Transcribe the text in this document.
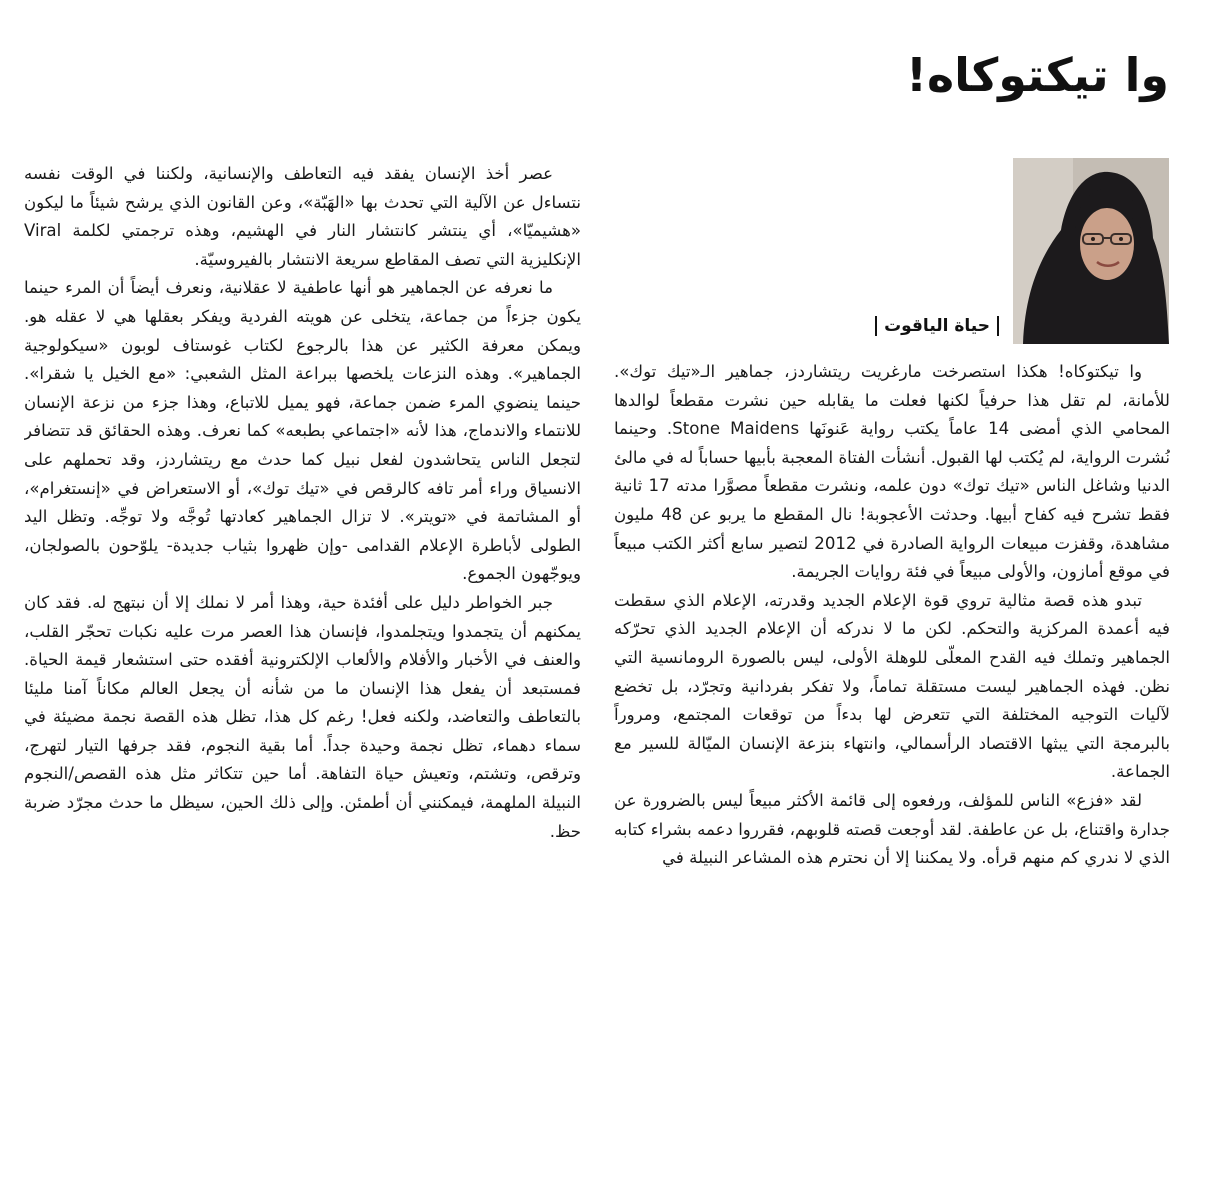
وا تيكتوكاه!
حياة الياقوت

وا تيكتوكاه! هكذا استصرخت مارغريت ريتشاردز، جماهير الـ«تيك توك». للأمانة، لم تقل هذا حرفياً لكنها فعلت ما يقابله حين نشرت مقطعاً لوالدها المحامي الذي أمضى 14 عاماً يكتب رواية عَنونَها Stone Maidens. وحينما نُشرت الرواية، لم يُكتب لها القبول. أنشأت الفتاة المعجبة بأبيها حساباً له في مالئ الدنيا وشاغل الناس «تيك توك» دون علمه، ونشرت مقطعاً مصوَّرا مدته 17 ثانية فقط تشرح فيه كفاح أبيها. وحدثت الأعجوبة! نال المقطع ما يربو عن 48 مليون مشاهدة، وقفزت مبيعات الرواية الصادرة في 2012 لتصير سابع أكثر الكتب مبيعاً في موقع أمازون، والأولى مبيعاً في فئة روايات الجريمة.

تبدو هذه قصة مثالية تروي قوة الإعلام الجديد وقدرته، الإعلام الذي سقطت فيه أعمدة المركزية والتحكم. لكن ما لا ندركه أن الإعلام الجديد الذي تحرّكه الجماهير وتملك فيه القدح المعلّى للوهلة الأولى، ليس بالصورة الرومانسية التي نظن. فهذه الجماهير ليست مستقلة تماماً، ولا تفكر بفردانية وتجرّد، بل تخضع لآليات التوجيه المختلفة التي تتعرض لها بدءاً من توقعات المجتمع، ومروراً بالبرمجة التي يبثها الاقتصاد الرأسمالي، وانتهاء بنزعة الإنسان الميّالة للسير مع الجماعة.

لقد «فزع» الناس للمؤلف، ورفعوه إلى قائمة الأكثر مبيعاً ليس بالضرورة عن جدارة واقتناع، بل عن عاطفة. لقد أوجعت قصته قلوبهم، فقرروا دعمه بشراء كتابه الذي لا ندري كم منهم قرأه. ولا يمكننا إلا أن نحترم هذه المشاعر النبيلة في

عصر أخذ الإنسان يفقد فيه التعاطف والإنسانية، ولكننا في الوقت نفسه نتساءل عن الآلية التي تحدث بها «الهَبّة»، وعن القانون الذي يرشح شيئاً ما ليكون «هشيميّا»، أي ينتشر كانتشار النار في الهشيم، وهذه ترجمتي لكلمة Viral الإنكليزية التي تصف المقاطع سريعة الانتشار بالفيروسيّة.

ما نعرفه عن الجماهير هو أنها عاطفية لا عقلانية، ونعرف أيضاً أن المرء حينما يكون جزءاً من جماعة، يتخلى عن هويته الفردية ويفكر بعقلها هي لا عقله هو. ويمكن معرفة الكثير عن هذا بالرجوع لكتاب غوستاف لوبون «سيكولوجية الجماهير». وهذه النزعات يلخصها ببراعة المثل الشعبي: «مع الخيل يا شقرا». حينما ينضوي المرء ضمن جماعة، فهو يميل للاتباع، وهذا جزء من نزعة الإنسان للانتماء والاندماج، هذا لأنه «اجتماعي بطبعه» كما نعرف. وهذه الحقائق قد تتضافر لتجعل الناس يتحاشدون لفعل نبيل كما حدث مع ريتشاردز، وقد تحملهم على الانسياق وراء أمر تافه كالرقص في «تيك توك»، أو الاستعراض في «إنستغرام»، أو المشاتمة في «تويتر». لا تزال الجماهير كعادتها تُوجَّه ولا توجِّه. وتظل اليد الطولى لأباطرة الإعلام القدامى -وإن ظهروا بثياب جديدة- يلوّحون بالصولجان، ويوجّهون الجموع.

جبر الخواطر دليل على أفئدة حية، وهذا أمر لا نملك إلا أن نبتهج له. فقد كان يمكنهم أن يتجمدوا ويتجلمدوا، فإنسان هذا العصر مرت عليه نكبات تحجّر القلب، والعنف في الأخبار والأفلام والألعاب الإلكترونية أفقده حتى استشعار قيمة الحياة. فمستبعد أن يفعل هذا الإنسان ما من شأنه أن يجعل العالم مكاناً آمنا مليئا بالتعاطف والتعاضد، ولكنه فعل! رغم كل هذا، تظل هذه القصة نجمة مضيئة في سماء دهماء، تظل نجمة وحيدة جداً. أما بقية النجوم، فقد جرفها التيار لتهرج، وترقص، وتشتم، وتعيش حياة التفاهة. أما حين تتكاثر مثل هذه القصص/النجوم النبيلة الملهمة، فيمكنني أن أطمئن. وإلى ذلك الحين، سيظل ما حدث مجرّد ضربة حظ.
